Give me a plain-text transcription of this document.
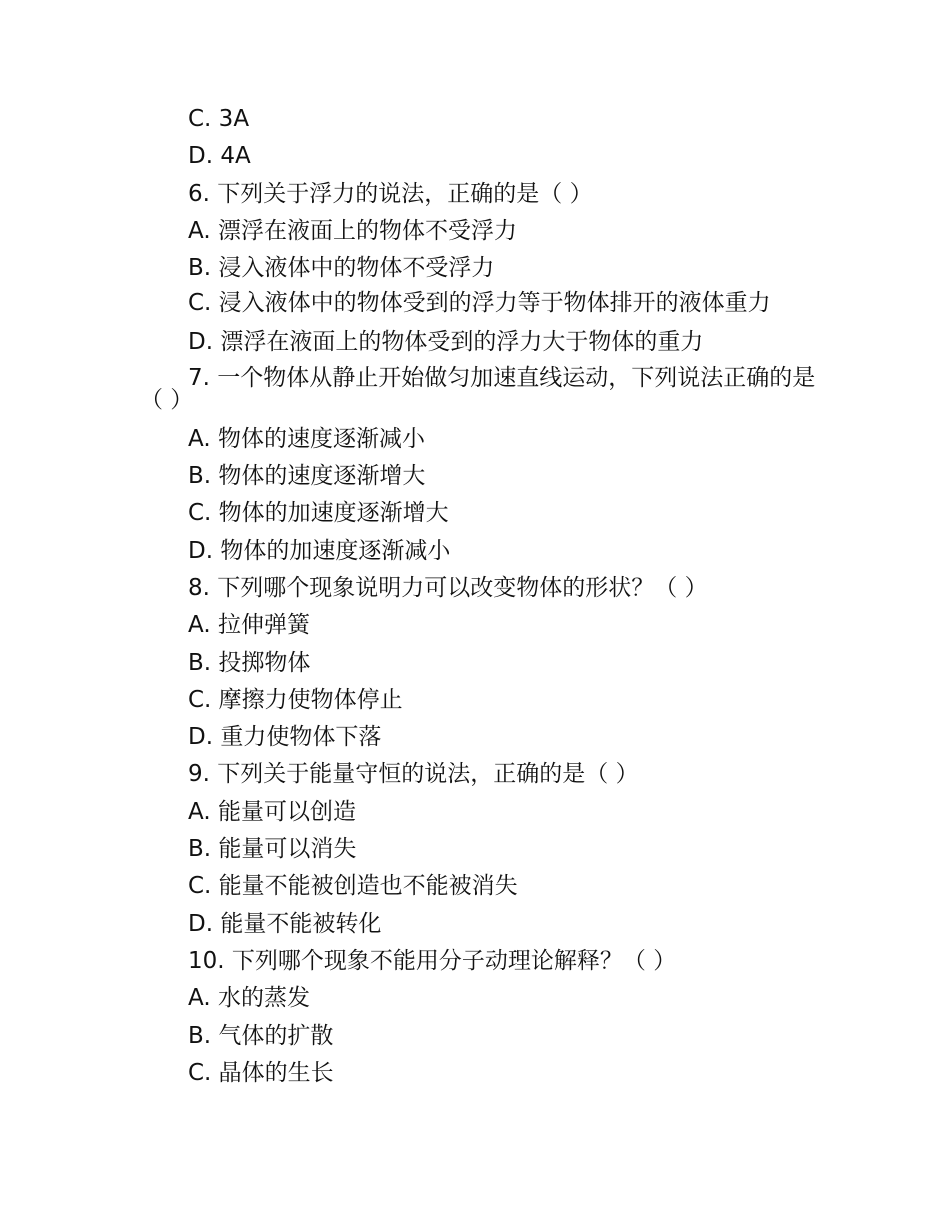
C. 3A
D. 4A
6. 下列关于浮力的说法，正确的是（ ）
A. 漂浮在液面上的物体不受浮力
B. 浸入液体中的物体不受浮力
C. 浸入液体中的物体受到的浮力等于物体排开的液体重力
D. 漂浮在液面上的物体受到的浮力大于物体的重力
7. 一个物体从静止开始做匀加速直线运动，下列说法正确的是（ ）
A. 物体的速度逐渐减小
B. 物体的速度逐渐增大
C. 物体的加速度逐渐增大
D. 物体的加速度逐渐减小
8. 下列哪个现象说明力可以改变物体的形状？（ ）
A. 拉伸弹簧
B. 投掷物体
C. 摩擦力使物体停止
D. 重力使物体下落
9. 下列关于能量守恒的说法，正确的是（ ）
A. 能量可以创造
B. 能量可以消失
C. 能量不能被创造也不能被消失
D. 能量不能被转化
10. 下列哪个现象不能用分子动理论解释？（ ）
A. 水的蒸发
B. 气体的扩散
C. 晶体的生长
